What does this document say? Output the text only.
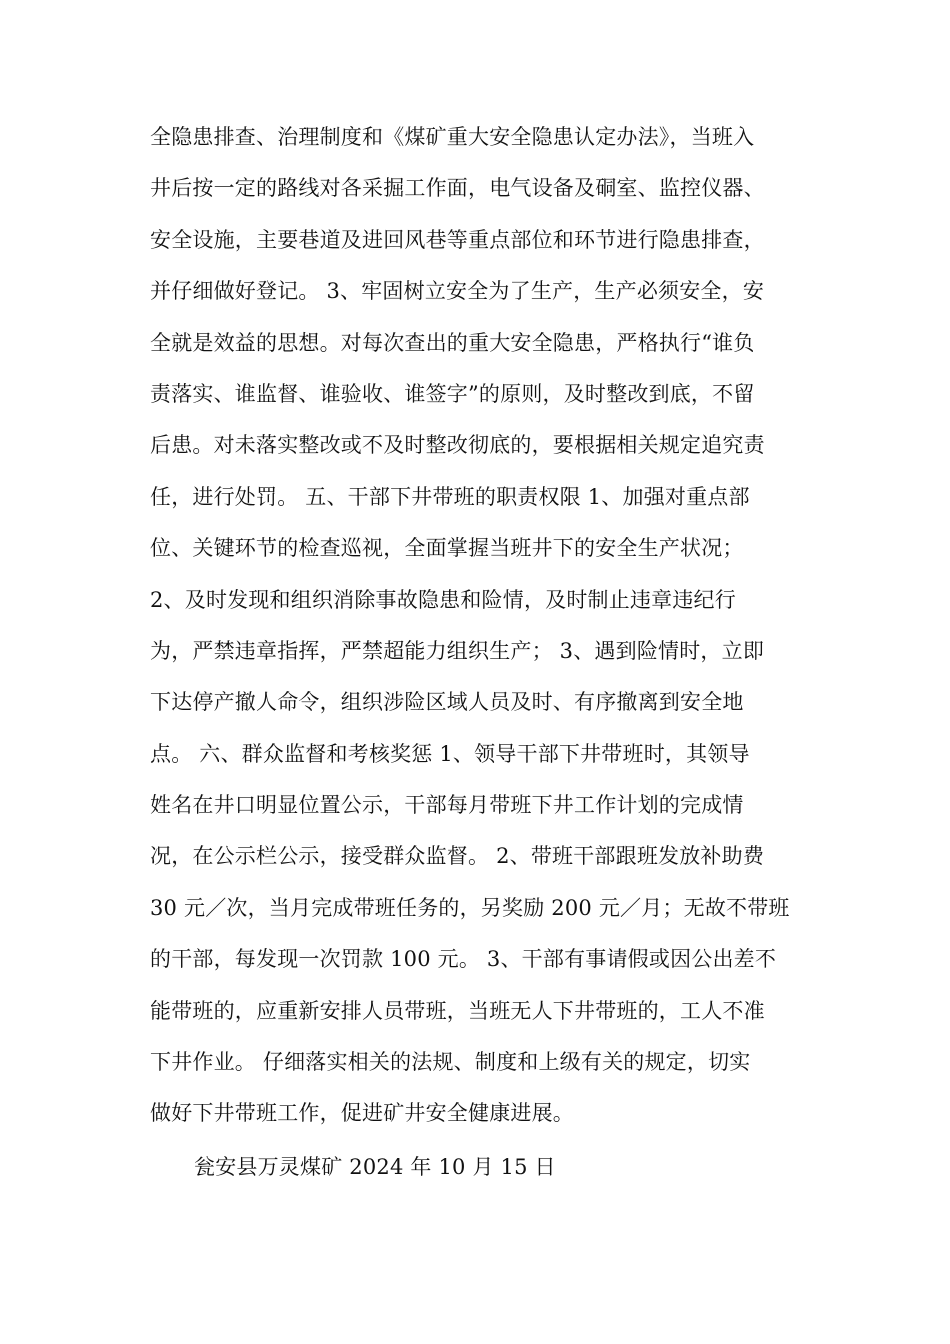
全隐患排查、治理制度和《煤矿重大安全隐患认定办法》，当班入
井后按一定的路线对各采掘工作面，电气设备及硐室、监控仪器、
安全设施，主要巷道及进回风巷等重点部位和环节进行隐患排查，
并仔细做好登记。 3、牢固树立安全为了生产，生产必须安全，安
全就是效益的思想。对每次查出的重大安全隐患，严格执行“谁负
责落实、谁监督、谁验收、谁签字”的原则，及时整改到底，不留
后患。对未落实整改或不及时整改彻底的，要根据相关规定追究责
任，进行处罚。 五、干部下井带班的职责权限 1、加强对重点部
位、关键环节的检查巡视，全面掌握当班井下的安全生产状况；
2、及时发现和组织消除事故隐患和险情，及时制止违章违纪行
为，严禁违章指挥，严禁超能力组织生产； 3、遇到险情时，立即
下达停产撤人命令，组织涉险区域人员及时、有序撤离到安全地
点。 六、群众监督和考核奖惩 1、领导干部下井带班时，其领导
姓名在井口明显位置公示，干部每月带班下井工作计划的完成情
况，在公示栏公示，接受群众监督。 2、带班干部跟班发放补助费
30 元／次，当月完成带班任务的，另奖励 200 元／月；无故不带班
的干部，每发现一次罚款 100 元。 3、干部有事请假或因公出差不
能带班的，应重新安排人员带班，当班无人下井带班的，工人不准
下井作业。 仔细落实相关的法规、制度和上级有关的规定，切实
做好下井带班工作，促进矿井安全健康进展。
瓮安县万灵煤矿 2024 年 10 月 15 日
